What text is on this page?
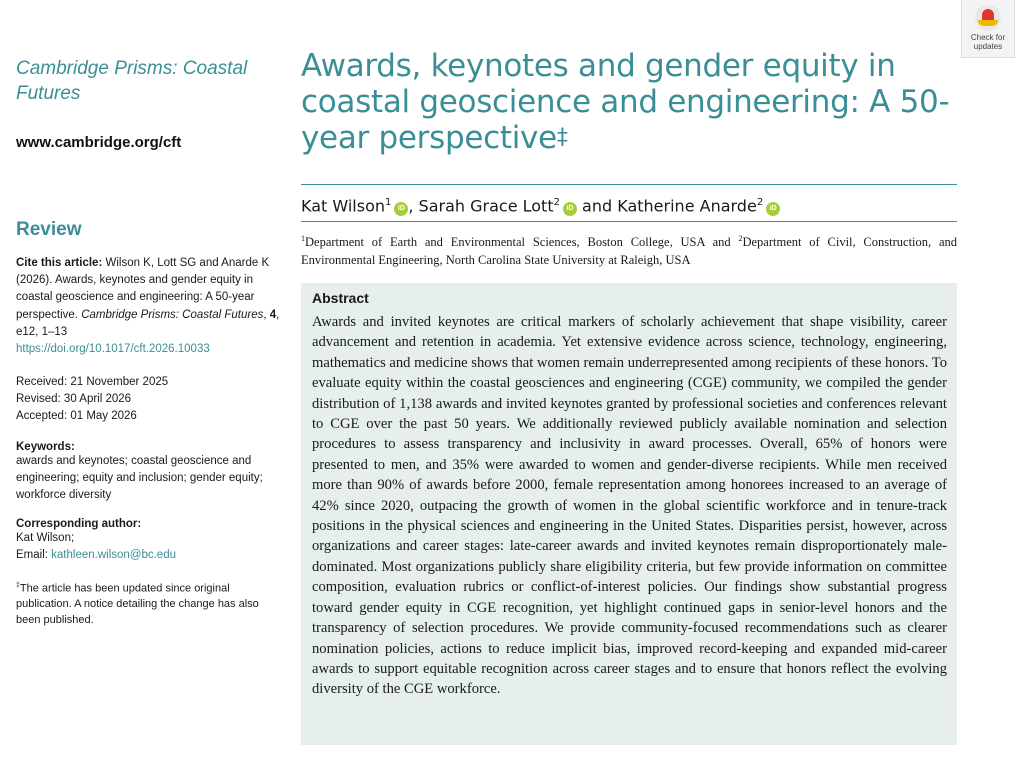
Check for
updates

Cambridge Prisms: Coastal Futures

www.cambridge.org/cft
Review
Cite this article: Wilson K, Lott SG and Anarde K (2026). Awards, keynotes and gender equity in coastal geoscience and engineering: A 50-year perspective. Cambridge Prisms: Coastal Futures, 4, e12, 1–13
https://doi.org/10.1017/cft.2026.10033
Received: 21 November 2025
Revised: 30 April 2026
Accepted: 01 May 2026
Keywords:
awards and keynotes; coastal geoscience and engineering; equity and inclusion; gender equity; workforce diversity
Corresponding author:
Kat Wilson;
Email: kathleen.wilson@bc.edu
‡The article has been updated since original publication. A notice detailing the change has also been published.
Awards, keynotes and gender equity in coastal geoscience and engineering: A 50-year perspective‡
Kat Wilson$^1$iD , Sarah Grace Lott$^2$iD and Katherine Anarde$^2$iD
$^1$Department of Earth and Environmental Sciences, Boston College, USA and $^2$Department of Civil, Construction, and Environmental Engineering, North Carolina State University at Raleigh, USA
Abstract

Awards and invited keynotes are critical markers of scholarly achievement that shape visibility, career advancement and retention in academia. Yet extensive evidence across science, technology, engineering, mathematics and medicine shows that women remain underrepresented among recipients of these honors. To evaluate equity within the coastal geosciences and engineering (CGE) community, we compiled the gender distribution of 1,138 awards and invited keynotes granted by professional societies and conferences relevant to CGE over the past 50 years. We additionally reviewed publicly available nomination and selection procedures to assess transparency and inclusivity in award processes. Overall, 65% of honors were presented to men, and 35% were awarded to women and gender-diverse recipients. While men received more than 90% of awards before 2000, female representation among honorees increased to an average of 42% since 2020, outpacing the growth of women in the global scientific workforce and in tenure-track positions in the physical sciences and engineering in the United States. Disparities persist, however, across organizations and career stages: late-career awards and invited keynotes remain disproportionately male-dominated. Most organizations publicly share eligibility criteria, but few provide information on committee composition, evaluation rubrics or conflict-of-interest policies. Our findings show substantial progress toward gender equity in CGE recognition, yet highlight continued gaps in senior-level honors and the transparency of selection procedures. We provide community-focused recommendations such as clearer nomination policies, actions to reduce implicit bias, improved record-keeping and expanded mid-career awards to support equitable recognition across career stages and to ensure that honors reflect the evolving diversity of the CGE workforce.
